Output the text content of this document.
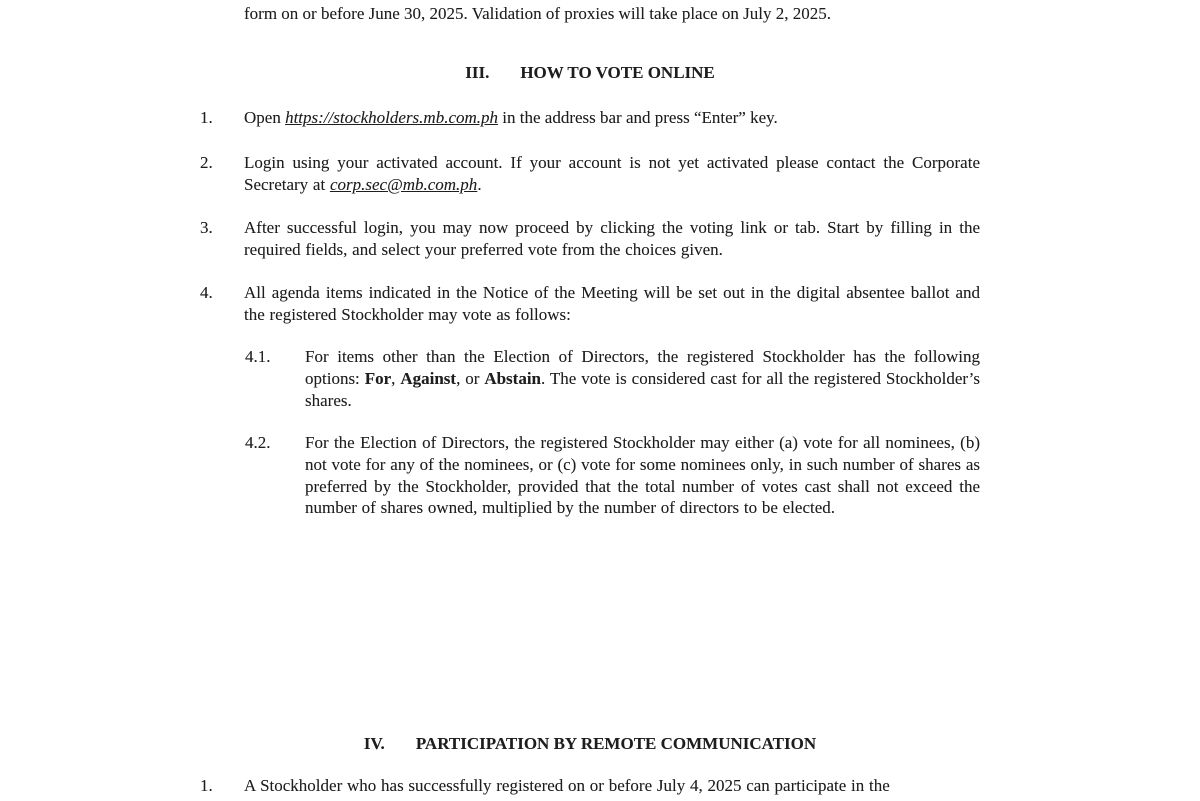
form on or before June 30, 2025. Validation of proxies will take place on July 2, 2025.
III. HOW TO VOTE ONLINE
1.	Open https://stockholders.mb.com.ph in the address bar and press “Enter” key.
2.	Login using your activated account. If your account is not yet activated please contact the Corporate Secretary at corp.sec@mb.com.ph.
3.	After successful login, you may now proceed by clicking the voting link or tab. Start by filling in the required fields, and select your preferred vote from the choices given.
4.	All agenda items indicated in the Notice of the Meeting will be set out in the digital absentee ballot and the registered Stockholder may vote as follows:
4.1.	For items other than the Election of Directors, the registered Stockholder has the following options: For, Against, or Abstain. The vote is considered cast for all the registered Stockholder’s shares.
4.2.	For the Election of Directors, the registered Stockholder may either (a) vote for all nominees, (b) not vote for any of the nominees, or (c) vote for some nominees only, in such number of shares as preferred by the Stockholder, provided that the total number of votes cast shall not exceed the number of shares owned, multiplied by the number of directors to be elected.
IV. PARTICIPATION BY REMOTE COMMUNICATION
1.	A Stockholder who has successfully registered on or before July 4, 2025 can participate in the
